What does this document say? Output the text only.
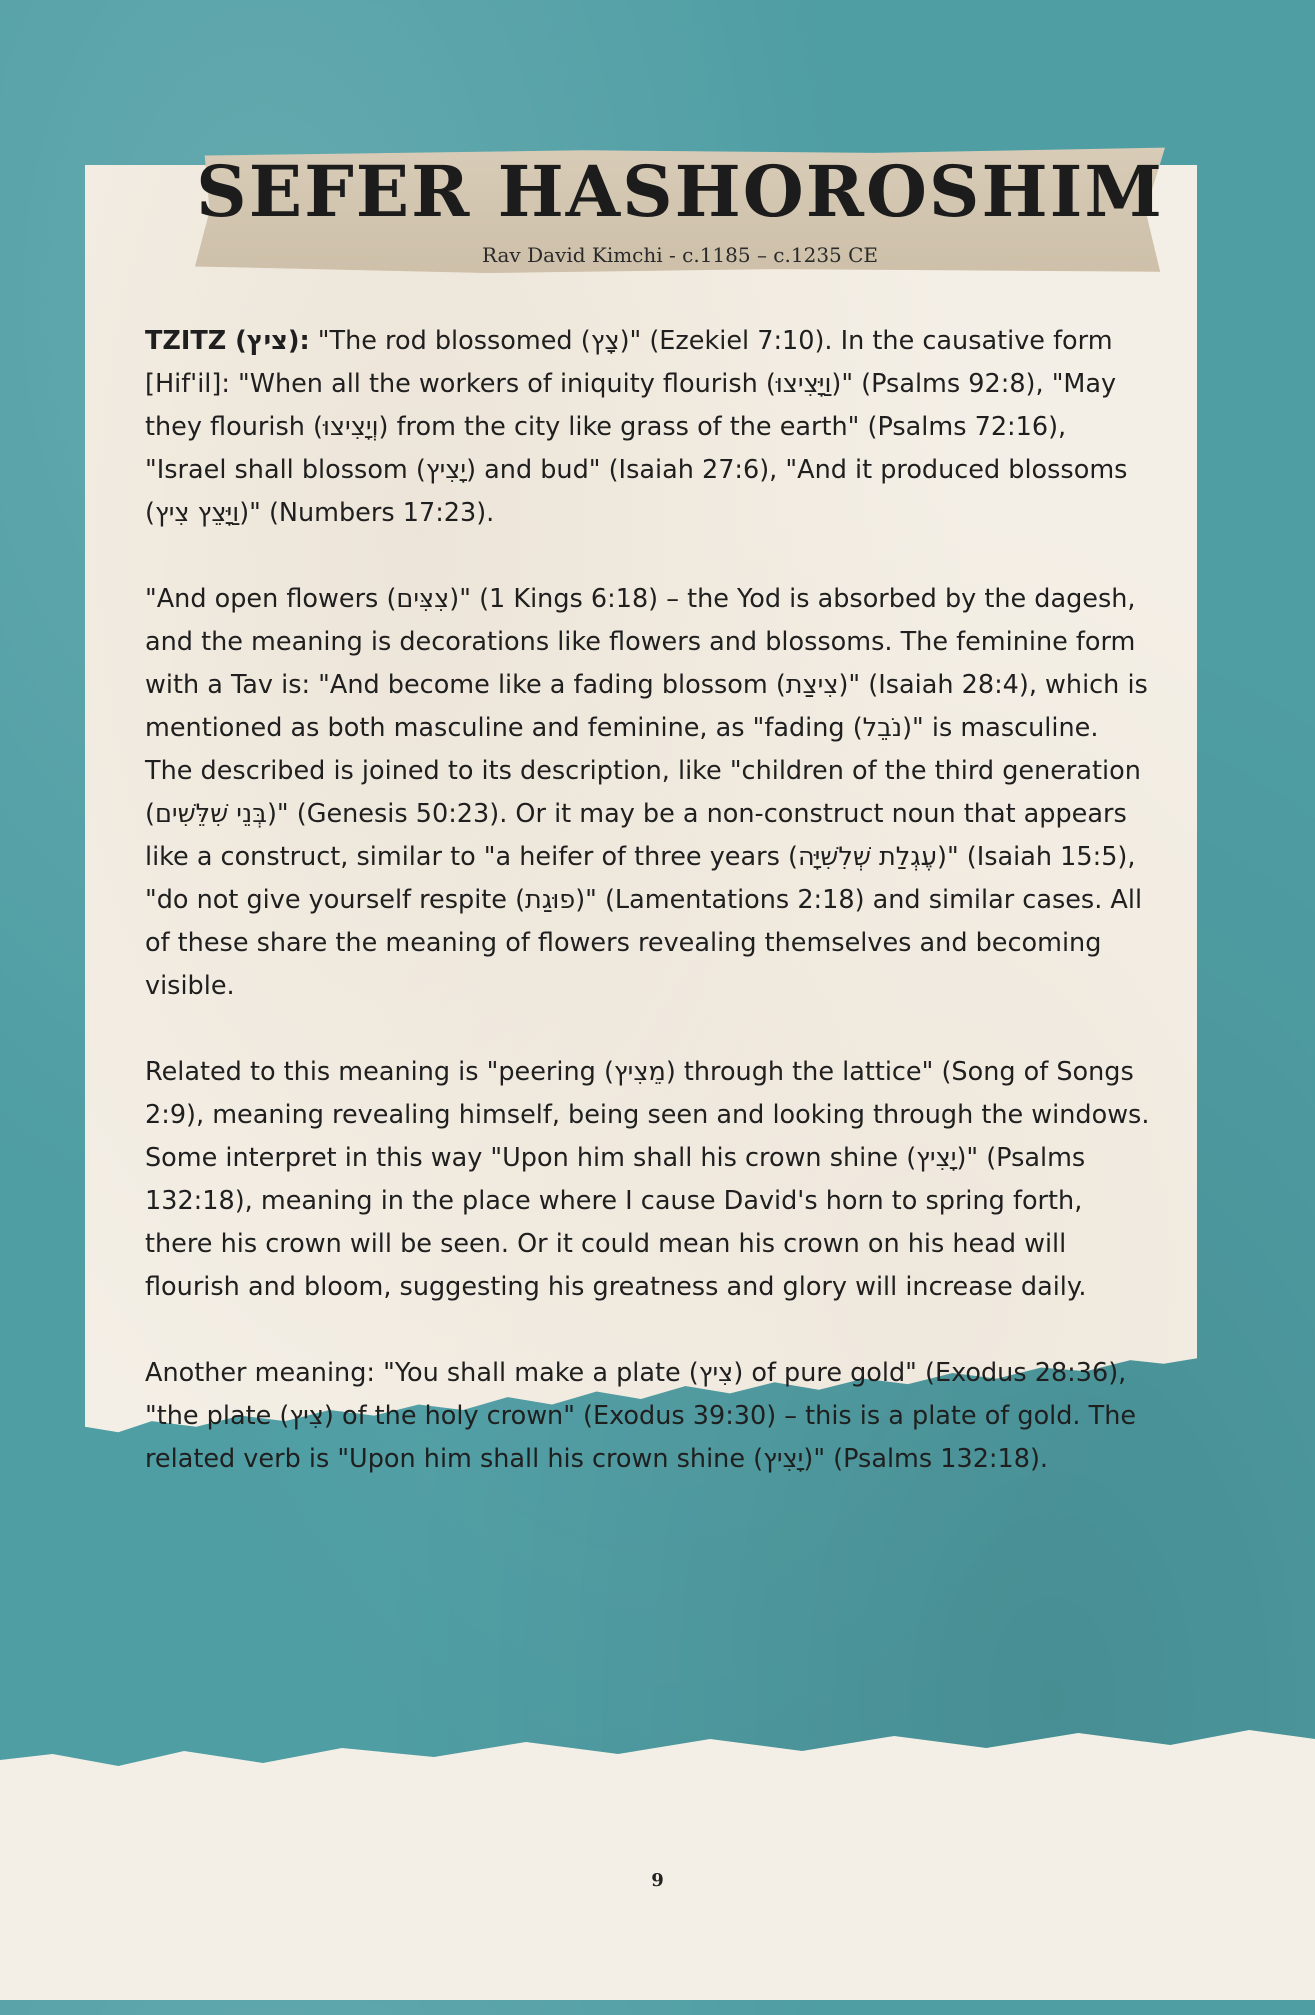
SEFER HASHOROSHIM
Rav David Kimchi - c.1185 – c.1235 CE

TZITZ (ציץ): "The rod blossomed (צָץ)" (Ezekiel 7:10). In the causative form [Hif'il]: "When all the workers of iniquity flourish (וַיָּצִיצוּ)" (Psalms 92:8), "May they flourish (וְיָצִיצוּ) from the city like grass of the earth" (Psalms 72:16), "Israel shall blossom (יָצִיץ) and bud" (Isaiah 27:6), "And it produced blossoms (וַיָּצֵץ צִיץ)" (Numbers 17:23).

"And open flowers (צִצִּים)" (1 Kings 6:18) – the Yod is absorbed by the dagesh, and the meaning is decorations like flowers and blossoms. The feminine form with a Tav is: "And become like a fading blossom (צִיצַת)" (Isaiah 28:4), which is mentioned as both masculine and feminine, as "fading (נֹבֵל)" is masculine. The described is joined to its description, like "children of the third generation (בְּנֵי שִׁלֵּשִׁים)" (Genesis 50:23). Or it may be a non-construct noun that appears like a construct, similar to "a heifer of three years (עֶגְלַת שְׁלִשִׁיָּה)" (Isaiah 15:5), "do not give yourself respite (פוּגַת)" (Lamentations 2:18) and similar cases. All of these share the meaning of flowers revealing themselves and becoming visible.

Related to this meaning is "peering (מֵצִיץ) through the lattice" (Song of Songs 2:9), meaning revealing himself, being seen and looking through the windows. Some interpret in this way "Upon him shall his crown shine (יָצִיץ)" (Psalms 132:18), meaning in the place where I cause David's horn to spring forth, there his crown will be seen. Or it could mean his crown on his head will flourish and bloom, suggesting his greatness and glory will increase daily.

Another meaning: "You shall make a plate (צִיץ) of pure gold" (Exodus 28:36), "the plate (צִיץ) of the holy crown" (Exodus 39:30) – this is a plate of gold. The related verb is "Upon him shall his crown shine (יָצִיץ)" (Psalms 132:18).

9
